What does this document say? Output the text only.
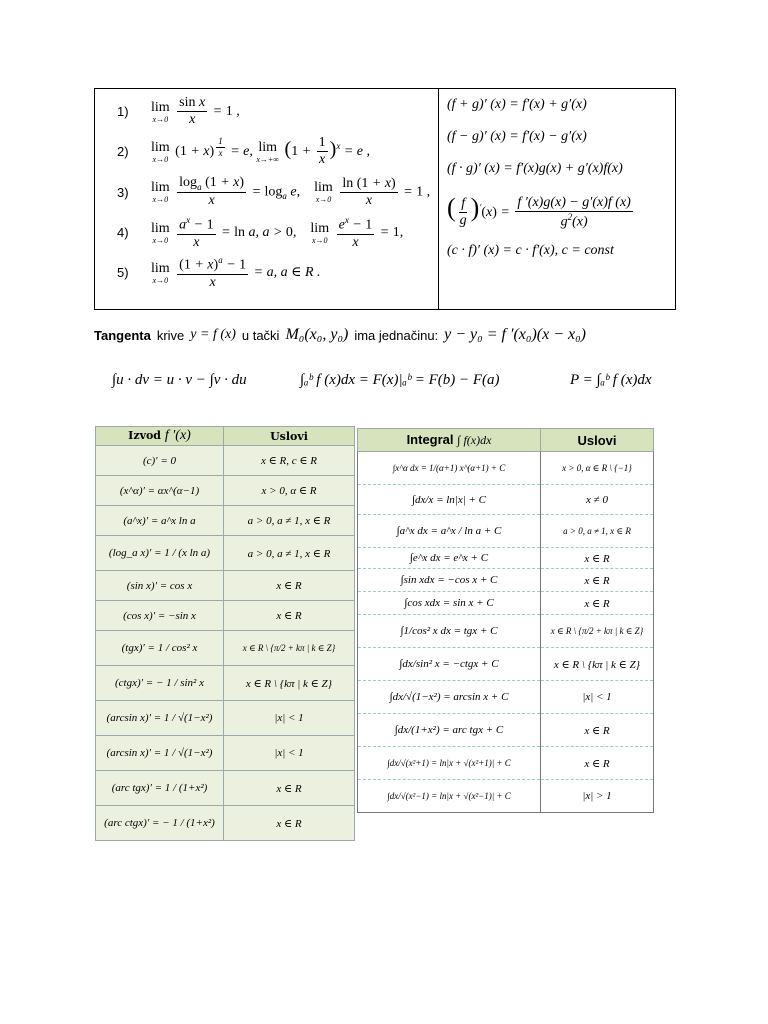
1)	lim
x→0
$\frac{\text{sin x}}{x} = 1$ ,
2)	lim
x→0
(1 + x) $^{\frac{1}{x}}$ = e, lim
x→+∞ $(1 + \frac{1}{x} )^x = e$ ,
3)	lim
x→0
$\frac{\log_a (1 + x)}{x} = \log_a e$, lim
x→0
$\frac{\ln (1 + x)}{x} = 1$ ,
4)	lim
x→0
$\frac{a^x - 1}{x} = \ln a$, a > 0, lim
x→0
$\frac{e^x - 1}{x} = 1$,
5)	lim
x→0
$\frac{(1 + x)^a - 1}{x} = a$, a ∈ R .
(f + g)′ (x) = f′(x) + g′(x)
(f − g)′ (x) = f′(x) − g′(x)
(f · g)′ (x) = f′(x)g(x) + g′(x)f(x)
( $\frac{f}{g} )'(x) = \frac{f '(x)g(x) - g'(x)f (x)}{g^2(x)}$
(c · f)′ (x) = c · f′(x), c = const
Tangenta krive y = f (x) u tački M₀(x₀, y₀) ima jednačinu: y − y₀ = f ′(x₀)(x − x₀)
∫u · dv = u · v − ∫v · du	∫ₐᵇ f (x)dx = F(x)|ₐᵇ = F(b) − F(a)	P = ∫ₐᵇ f (x)dx
Izvod f ′(x)	Uslovi
(c)′ = 0	x ∈ R, c ∈ R
(x^α)′ = αx^(α−1)	x > 0, α ∈ R
(a^x)′ = a^x ln a	a > 0, a ≠ 1, x ∈ R
(log_a x)′ = 1 / (x ln a)	a > 0, a ≠ 1, x ∈ R
(sin x)′ = cos x	x ∈ R
(cos x)′ = −sin x	x ∈ R
(tgx)′ = 1 / cos² x	x ∈ R \ {π/2 + kπ | k ∈ Z}
(ctgx)′ = − 1 / sin² x	x ∈ R \ {kπ | k ∈ Z}
(arcsin x)′ = 1 / √(1−x²)	|x| < 1
(arcsin x)′ = 1 / √(1−x²)	|x| < 1
(arc tgx)′ = 1 / (1+x²)	x ∈ R
(arc ctgx)′ = − 1 / (1+x²)	x ∈ R
Integral ∫ f(x)dx	Uslovi
∫x^α dx = 1/(α+1) x^(α+1) + C	x > 0, α ∈ R \ {−1}
∫dx/x = ln|x| + C	x ≠ 0
∫a^x dx = a^x / ln a + C	a > 0, a ≠ 1, x ∈ R
∫e^x dx = e^x + C	x ∈ R
∫sin xdx = −cos x + C	x ∈ R
∫cos xdx = sin x + C	x ∈ R
∫1/cos² x dx = tgx + C	x ∈ R \ {π/2 + kπ | k ∈ Z}
∫dx/sin² x = −ctgx + C	x ∈ R \ {kπ | k ∈ Z}
∫dx/√(1−x²) = arcsin x + C	|x| < 1
∫dx/(1+x²) = arc tgx + C	x ∈ R
∫dx/√(x²+1) = ln|x + √(x²+1)| + C	x ∈ R
∫dx/√(x²−1) = ln|x + √(x²−1)| + C	|x| > 1
